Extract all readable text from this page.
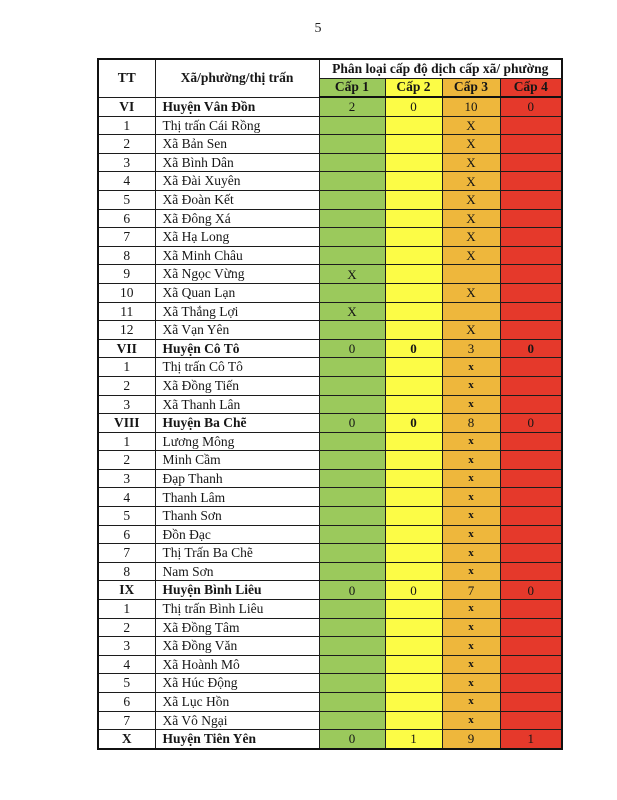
5
TT	Xã/phường/thị trấn	Phân loại cấp độ dịch cấp xã/ phường			
		Cấp 1	Cấp 2	Cấp 3	Cấp 4
VI	Huyện Vân Đồn	2	0	10	0
1	Thị trấn Cái Rồng			X	
2	Xã Bản Sen			X	
3	Xã Bình Dân			X	
4	Xã Đài Xuyên			X	
5	Xã Đoàn Kết			X	
6	Xã Đông Xá			X	
7	Xã Hạ Long			X	
8	Xã Minh Châu			X	
9	Xã Ngọc Vừng	X			
10	Xã Quan Lạn			X	
11	Xã Thắng Lợi	X			
12	Xã Vạn Yên			X	
VII	Huyện Cô Tô	0	0	3	0
1	Thị trấn Cô Tô			x	
2	Xã Đồng Tiến			x	
3	Xã Thanh Lân			x	
VIII	Huyện Ba Chẽ	0	0	8	0
1	Lương Mông			x	
2	Minh Cầm			x	
3	Đạp Thanh			x	
4	Thanh Lâm			x	
5	Thanh Sơn			x	
6	Đồn Đạc			x	
7	Thị Trấn Ba Chẽ			x	
8	Nam Sơn			x	
IX	Huyện Bình Liêu	0	0	7	0
1	Thị trấn Bình Liêu			x	
2	Xã Đồng Tâm			x	
3	Xã Đồng Văn			x	
4	Xã Hoành Mô			x	
5	Xã Húc Động			x	
6	Xã Lục Hồn			x	
7	Xã Vô Ngại			x	
X	Huyện Tiên Yên	0	1	9	1
